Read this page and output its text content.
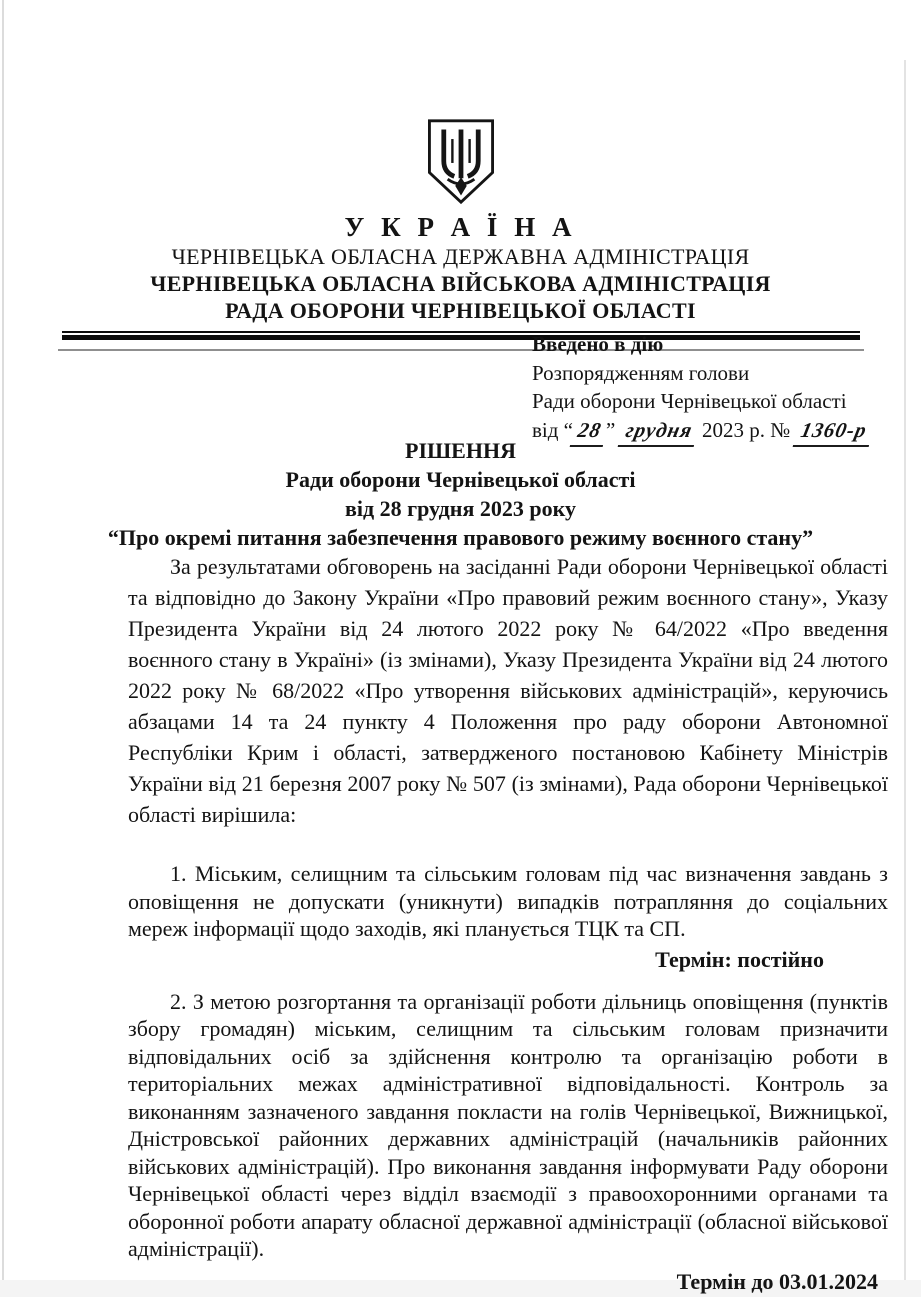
У К Р А Ї Н А
ЧЕРНІВЕЦЬКА ОБЛАСНА ДЕРЖАВНА АДМІНІСТРАЦІЯ
ЧЕРНІВЕЦЬКА ОБЛАСНА ВІЙСЬКОВА АДМІНІСТРАЦІЯ
РАДА ОБОРОНИ ЧЕРНІВЕЦЬКОЇ ОБЛАСТІ
Введено в дію
Розпорядженням голови
Ради оборони Чернівецької області
від “ 28 ” грудня 2023 р. № 1360-р
РІШЕННЯ
Ради оборони Чернівецької області
від 28 грудня 2023 року
“Про окремі питання забезпечення правового режиму воєнного стану”

За результатами обговорень на засіданні Ради оборони Чернівецької області та відповідно до Закону України «Про правовий режим воєнного стану», Указу Президента України від 24 лютого 2022 року № 64/2022 «Про введення воєнного стану в Україні» (із змінами), Указу Президента України від 24 лютого 2022 року № 68/2022 «Про утворення військових адміністрацій», керуючись абзацами 14 та 24 пункту 4 Положення про раду оборони Автономної Республіки Крим і області, затвердженого постановою Кабінету Міністрів України від 21 березня 2007 року № 507 (із змінами), Рада оборони Чернівецької області вирішила:

1. Міським, селищним та сільським головам під час визначення завдань з оповіщення не допускати (уникнути) випадків потрапляння до соціальних мереж інформації щодо заходів, які планується ТЦК та СП.

Термін: постійно

2. З метою розгортання та організації роботи дільниць оповіщення (пунктів збору громадян) міським, селищним та сільським головам призначити відповідальних осіб за здійснення контролю та організацію роботи в територіальних межах адміністративної відповідальності. Контроль за виконанням зазначеного завдання покласти на голів Чернівецької, Вижницької, Дністровської районних державних адміністрацій (начальників районних військових адміністрацій). Про виконання завдання інформувати Раду оборони Чернівецької області через відділ взаємодії з правоохоронними органами та оборонної роботи апарату обласної державної адміністрації (обласної військової адміністрації).

Термін до 03.01.2024
